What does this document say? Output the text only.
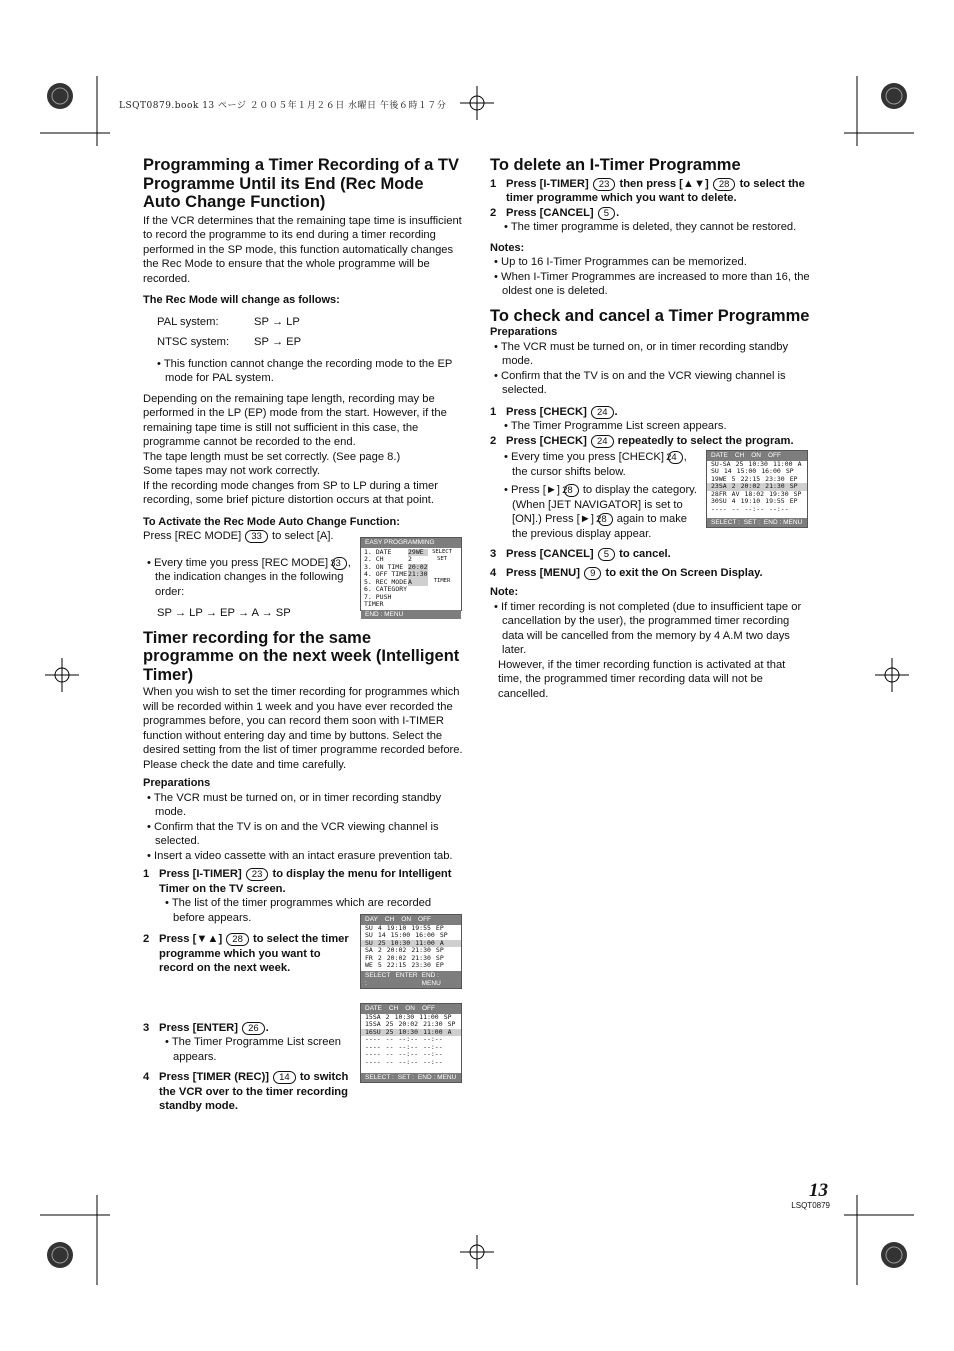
LSQT0879.book 13 ページ ２００５年１月２６日 水曜日 午後６時１７分
Programming a Timer Recording of a TV Programme Until its End (Rec Mode Auto Change Function)

If the VCR determines that the remaining tape time is insufficient to record the programme to its end during a timer recording performed in the SP mode, this function automatically changes the Rec Mode to ensure that the whole programme will be recorded.

The Rec Mode will change as follows:

PAL system:	SP → LP
NTSC system:	SP → EP

• This function cannot change the recording mode to the EP mode for PAL system.

Depending on the remaining tape length, recording may be performed in the LP (EP) mode from the start. However, if the remaining tape time is still not sufficient in this case, the programme cannot be recorded to the end.

The tape length must be set correctly. (See page 8.)

Some tapes may not work correctly.

If the recording mode changes from SP to LP during a timer recording, some brief picture distortion occurs at that point.

To Activate the Rec Mode Auto Change Function:

Press [REC MODE] 33 to select [A].

• Every time you press [REC MODE] 33 , the indication changes in the following order:

SP → LP → EP → A → SP

Timer recording for the same programme on the next week (Intelligent Timer)

When you wish to set the timer recording for programmes which will be recorded within 1 week and you have ever recorded the programmes before, you can record them soon with I-TIMER function without entering day and time by buttons. Select the desired setting from the list of timer programme recorded before. Please check the date and time carefully.

Preparations

• The VCR must be turned on, or in timer recording standby mode.

• Confirm that the TV is on and the VCR viewing channel is selected.

• Insert a video cassette with an intact erasure prevention tab.

1 Press [I-TIMER] 23 to display the menu for Intelligent Timer on the TV screen.

• The list of the timer programmes which are recorded before appears.

2 Press [▼▲] 28 to select the timer programme which you want to record on the next week.
3 Press [ENTER] 26 .

• The Timer Programme List screen appears.

4 Press [TIMER (REC)] 14 to switch the VCR over to the timer recording standby mode.
EASY PROGRAMMING
1. DATE
2. CH
3. ON TIME
4. OFF TIME
5. REC MODE
6. CATEGORY
7. PUSH TIMER
29WE
2
20:02
21:30
A
SELECT
SET
TIMER
END : MENU
DAY CH ON OFF
SU 4 19:10 19:55 EP
SU 14 15:00 16:00 SP
SU 25 10:30 11:00 A
SA 2 20:02 21:30 SP
FR 2 20:02 21:30 SP
WE 5 22:15 23:30 EP
SELECT :
ENTER END : MENU
DATE CH ON OFF
15SA 2 10:30 11:00 SP
15SA 25 20:02 21:30 SP
16SU 25 10:30 11:00 A
---- -- --:-- --:--
---- -- --:-- --:--
---- -- --:-- --:--
---- -- --:-- --:--
SELECT : SET : END : MENU
To delete an I-Timer Programme
1 Press [I-TIMER] 23 then press [▲▼] 28 to select the timer programme which you want to delete.
2 Press [CANCEL] 5 .

• The timer programme is deleted, they cannot be restored.

Notes:

• Up to 16 I-Timer Programmes can be memorized.

• When I-Timer Programmes are increased to more than 16, the oldest one is deleted.

To check and cancel a Timer Programme

Preparations

• The VCR must be turned on, or in timer recording standby mode.

• Confirm that the TV is on and the VCR viewing channel is selected.

1 Press [CHECK] 24 .

• The Timer Programme List screen appears.

2 Press [CHECK] 24 repeatedly to select the program.

• Every time you press [CHECK] 24 , the cursor shifts below.

• Press [►] 28 to display the category. (When [JET NAVIGATOR] is set to [ON].) Press [►] 28 again to make the previous display appear.

3 Press [CANCEL] 5 to cancel.
4 Press [MENU] 9 to exit the On Screen Display.

Note:

• If timer recording is not completed (due to insufficient tape or cancellation by the user), the programmed timer recording data will be cancelled from the memory by 4 A.M two days later.

However, if the timer recording function is activated at that time, the programmed timer recording data will not be cancelled.

DATE CH ON OFF
SU-SA 25 10:30 11:00 A
SU 14 15:00 16:00 SP
19WE 5 22:15 23:30 EP
23SA 2 20:02 21:30 SP
28FR AV 18:02 19:30 SP
30SU 4 19:10 19:55 EP
---- -- --:-- --:--
SELECT : SET : END : MENU
13
LSQT0879
